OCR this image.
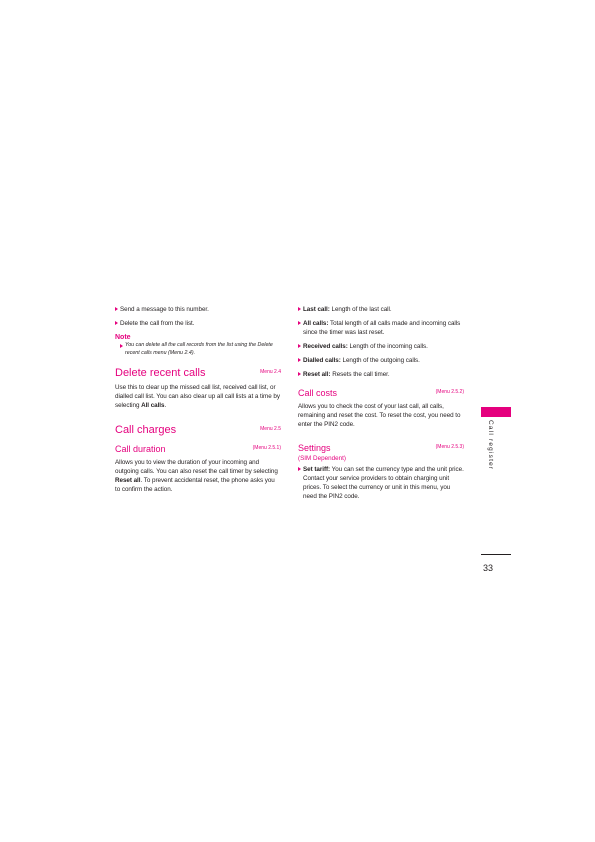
Send a message to this number.

Delete the call from the list.

Note

You can delete all the call records from the list using the Delete recent calls menu (Menu 2.4).

Delete recent calls	Menu 2.4

Use this to clear up the missed call list, received call list, or dialled call list. You can also clear up all call lists at a time by selecting All calls.

Call charges	Menu 2.5
Call duration	(Menu 2.5.1)

Allows you to view the duration of your incoming and outgoing calls. You can also reset the call timer by selecting Reset all. To prevent accidental reset, the phone asks you to confirm the action.

Last call: Length of the last call.

All calls: Total length of all calls made and incoming calls since the timer was last reset.

Received calls: Length of the incoming calls.

Dialled calls: Length of the outgoing calls.

Reset all: Resets the call timer.

Call costs	(Menu 2.5.2)

Allows you to check the cost of your last call, all calls, remaining and reset the cost. To reset the cost, you need to enter the PIN2 code.

Settings	(Menu 2.5.3)

(SIM Dependent)

Set tariff: You can set the currency type and the unit price. Contact your service providers to obtain charging unit prices. To select the currency or unit in this menu, you need the PIN2 code.

Call register
33
